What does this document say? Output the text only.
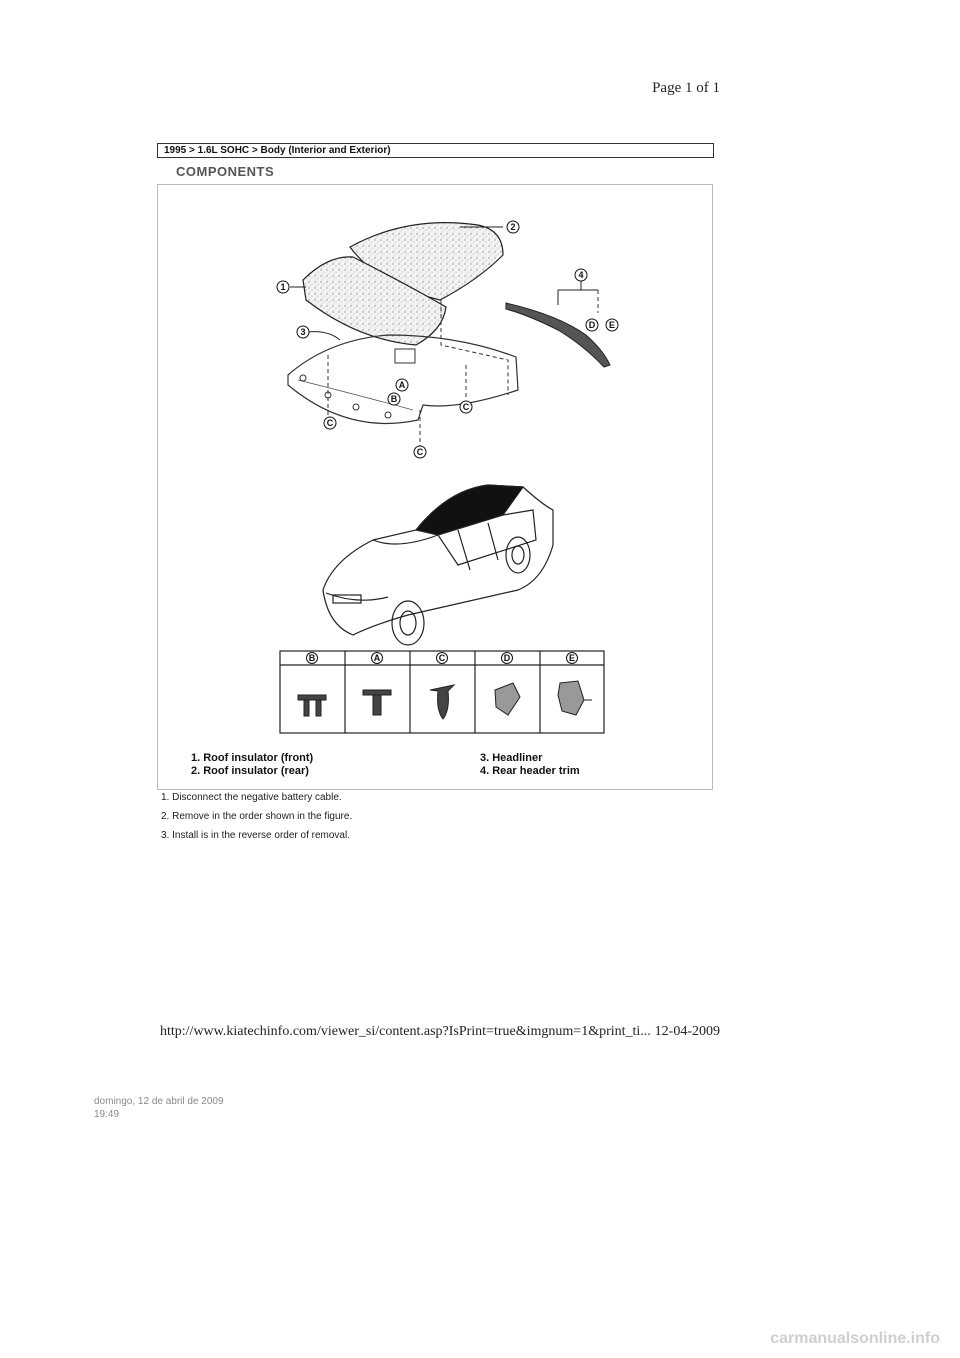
Page 1 of 1
1995 > 1.6L SOHC > Body (Interior and Exterior)
COMPONENTS
1
2
3
4
A
B
C
C
C
D E
B	A	C	D	E
1. Roof insulator (front)
2. Roof insulator (rear)
3. Headliner
4. Rear header trim
1. Disconnect the negative battery cable.
2. Remove in the order shown in the figure.
3. Install is in the reverse order of removal.
http://www.kiatechinfo.com/viewer_si/content.asp?IsPrint=true&imgnum=1&print_ti... 12-04-2009
domingo, 12 de abril de 2009
19:49
carmanualsonline.info
